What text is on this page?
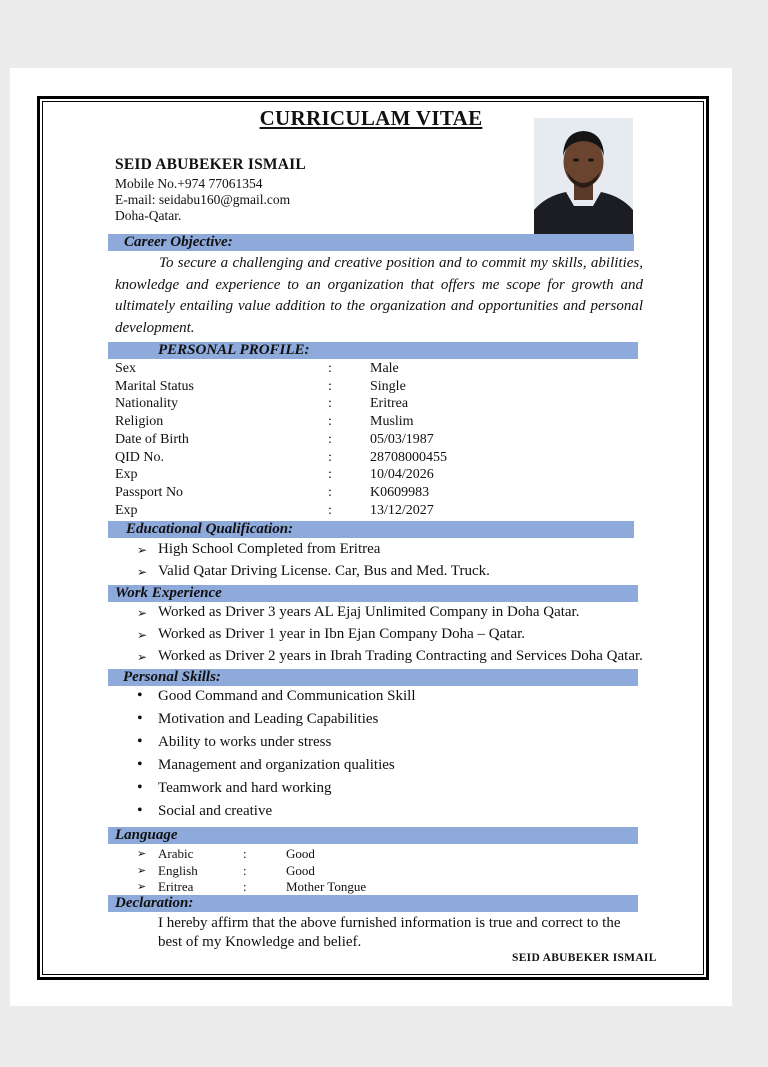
CURRICULAM VITAE
SEID ABUBEKER ISMAIL
Mobile No.+974 77061354
E-mail: seidabu160@gmail.com
Doha-Qatar.
Career Objective:
To secure a challenging and creative position and to commit my skills, abilities, knowledge and experience to an organization that offers me scope for growth and ultimately entailing value addition to the organization and opportunities and personal development.
PERSONAL PROFILE:
Sex	:	Male
Marital Status	:	Single
Nationality	:	Eritrea
Religion	:	Muslim
Date of Birth	:	05/03/1987
QID No.	:	28708000455
Exp	:	10/04/2026
Passport No	:	K0609983
Exp	:	13/12/2027
Educational Qualification:
➢ High School Completed from Eritrea
➢ Valid Qatar Driving License. Car, Bus and Med. Truck.
Work Experience
➢ Worked as Driver 3 years AL Ejaj Unlimited Company in Doha Qatar.
➢ Worked as Driver 1 year in Ibn Ejan Company Doha – Qatar.
➢ Worked as Driver 2 years in Ibrah Trading Contracting and Services Doha Qatar.
Personal Skills:
• Good Command and Communication Skill
• Motivation and Leading Capabilities
• Ability to works under stress
• Management and organization qualities
• Teamwork and hard working
• Social and creative
Language
➢ Arabic	:	Good
➢ English	:	Good
➢ Eritrea	:	Mother Tongue
Declaration:
I hereby affirm that the above furnished information is true and correct to the
best of my Knowledge and belief.
SEID ABUBEKER ISMAIL
